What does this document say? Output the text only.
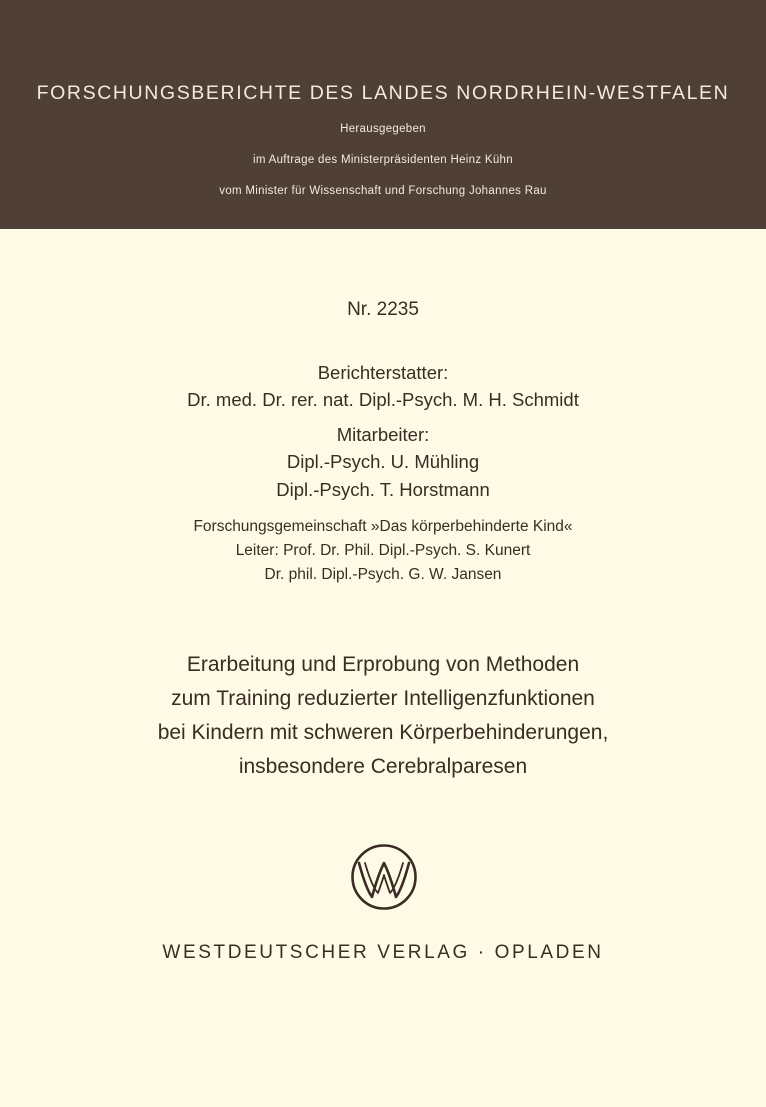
FORSCHUNGSBERICHTE DES LANDES NORDRHEIN-WESTFALEN
Herausgegeben
im Auftrage des Ministerpräsidenten Heinz Kühn
vom Minister für Wissenschaft und Forschung Johannes Rau
Nr. 2235
Berichterstatter:
Dr. med. Dr. rer. nat. Dipl.-Psych. M. H. Schmidt
Mitarbeiter:
Dipl.-Psych. U. Mühling
Dipl.-Psych. T. Horstmann
Forschungsgemeinschaft »Das körperbehinderte Kind«
Leiter: Prof. Dr. Phil. Dipl.-Psych. S. Kunert
Dr. phil. Dipl.-Psych. G. W. Jansen
Erarbeitung und Erprobung von Methoden
zum Training reduzierter Intelligenzfunktionen
bei Kindern mit schweren Körperbehinderungen,
insbesondere Cerebralparesen
WESTDEUTSCHER VERLAG · OPLADEN
